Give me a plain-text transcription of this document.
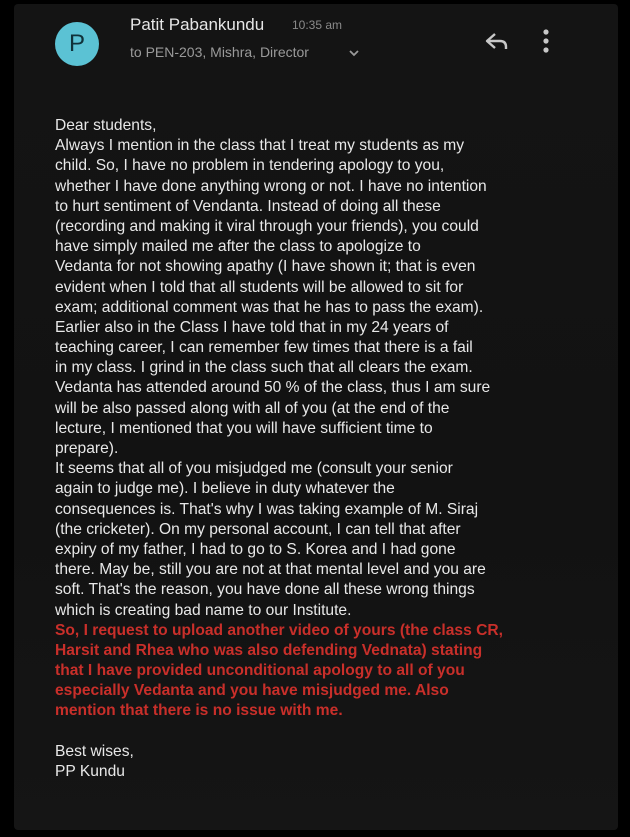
P
Patit Pabankundu 10:35 am
to PEN-203, Mishra, Director
Dear students,
Always I mention in the class that I treat my students as my
child. So, I have no problem in tendering apology to you,
whether I have done anything wrong or not. I have no intention
to hurt sentiment of Vendanta. Instead of doing all these
(recording and making it viral through your friends), you could
have simply mailed me after the class to apologize to
Vedanta for not showing apathy (I have shown it; that is even
evident when I told that all students will be allowed to sit for
exam; additional comment was that he has to pass the exam).
Earlier also in the Class I have told that in my 24 years of
teaching career, I can remember few times that there is a fail
in my class. I grind in the class such that all clears the exam.
Vedanta has attended around 50 % of the class, thus I am sure
will be also passed along with all of you (at the end of the
lecture, I mentioned that you will have sufficient time to
prepare).
It seems that all of you misjudged me (consult your senior
again to judge me). I believe in duty whatever the
consequences is. That's why I was taking example of M. Siraj
(the cricketer). On my personal account, I can tell that after
expiry of my father, I had to go to S. Korea and I had gone
there. May be, still you are not at that mental level and you are
soft. That's the reason, you have done all these wrong things
which is creating bad name to our Institute.
So, I request to upload another video of yours (the class CR,
Harsit and Rhea who was also defending Vednata) stating
that I have provided unconditional apology to all of you
especially Vedanta and you have misjudged me. Also
mention that there is no issue with me.
Best wises,
PP Kundu
